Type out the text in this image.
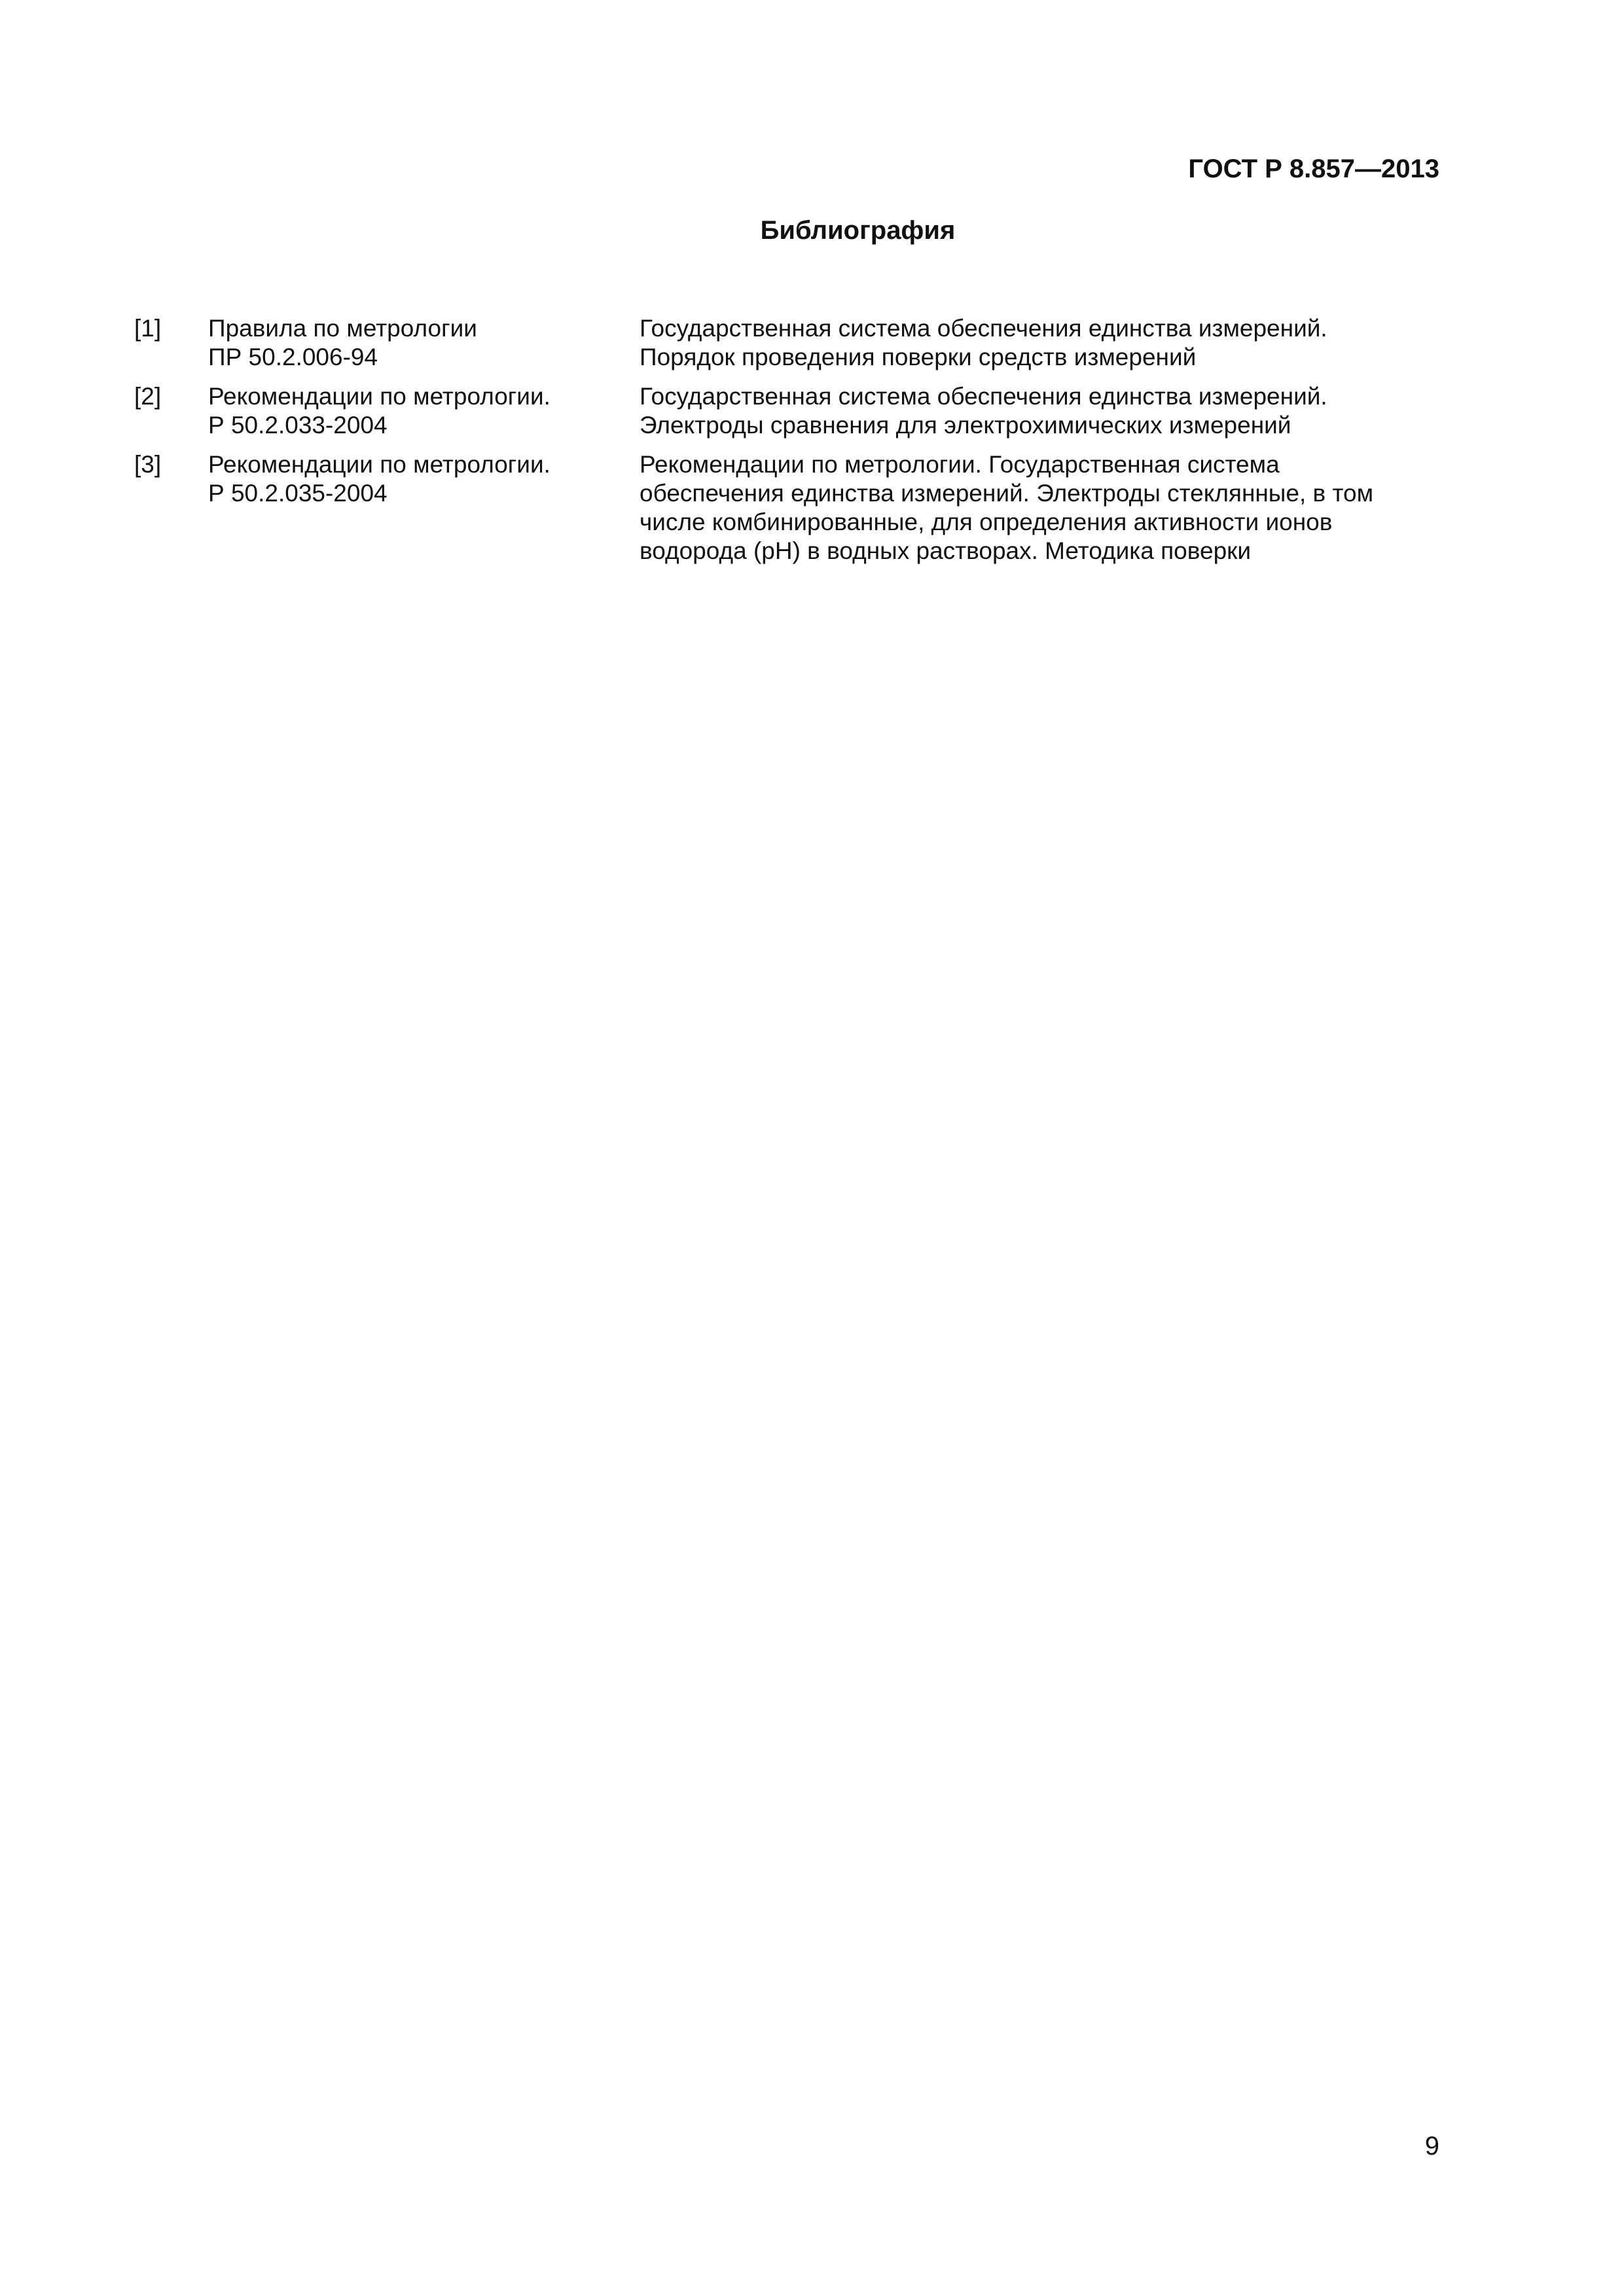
ГОСТ Р 8.857—2013
Библиография
[1] Правила по метрологии
ПР 50.2.006-94
Государственная система обеспечения единства измерений.
Порядок проведения поверки средств измерений
[2] Рекомендации по метрологии.
Р 50.2.033-2004
Государственная система обеспечения единства измерений.
Электроды сравнения для электрохимических измерений
[3] Рекомендации по метрологии.
Р 50.2.035-2004
Рекомендации по метрологии. Государственная система
обеспечения единства измерений. Электроды стеклянные, в том
числе комбинированные, для определения активности ионов
водорода (pH) в водных растворах. Методика поверки
9
